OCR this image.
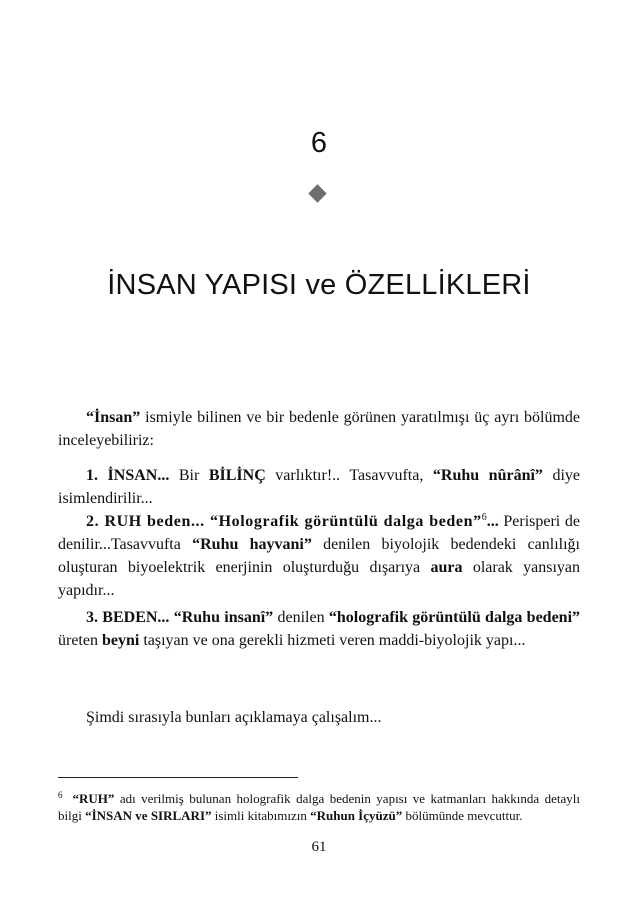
6
İNSAN YAPISI ve ÖZELLİKLERİ

“İnsan” ismiyle bilinen ve bir bedenle görünen yaratılmışı üç ayrı bölümde inceleyebiliriz:

1. İNSAN... Bir BİLİNÇ varlıktır!.. Tasavvufta, “Ruhu nûrânî” diye isimlendirilir...

2. RUH beden... “Holografik görüntülü dalga beden”$^6$... Perisperi de denilir...Tasavvufta “Ruhu hayvani” denilen biyolojik bedendeki canlılığı oluşturan biyoelektrik enerjinin oluşturduğu dışarıya aura olarak yansıyan yapıdır...

3. BEDEN... “Ruhu insanî” denilen “holografik görüntülü dalga bedeni” üreten beyni taşıyan ve ona gerekli hizmeti veren maddi-biyolojik yapı...

Şimdi sırasıyla bunları açıklamaya çalışalım...

$^6$ “RUH” adı verilmiş bulunan holografik dalga bedenin yapısı ve katmanları hakkında detaylı bilgi “İNSAN ve SIRLARI” isimli kitabımızın “Ruhun İçyüzü” bölümünde mevcuttur.

61
